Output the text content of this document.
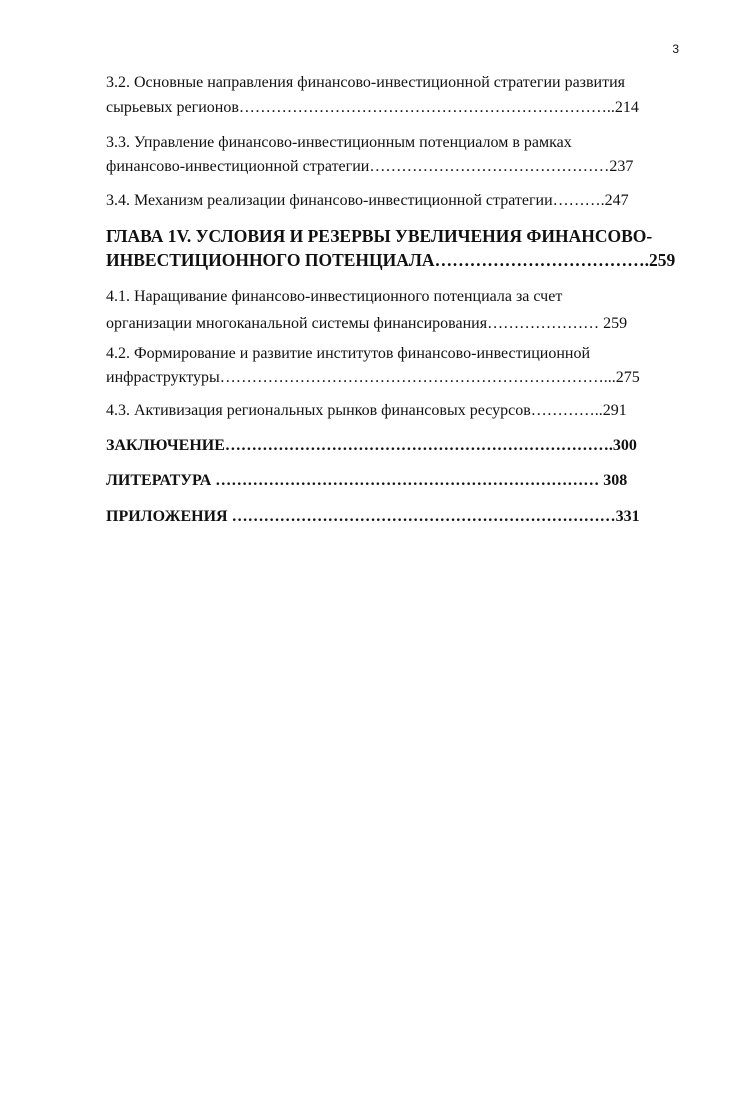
3
3.2. Основные направления финансово-инвестиционной стратегии развития
сырьевых регионов……………………………………………………………..214
3.3. Управление финансово-инвестиционным потенциалом в рамках
финансово-инвестиционной стратегии………………………………………237
3.4. Механизм реализации финансово-инвестиционной стратегии……….247
ГЛАВА 1V. УСЛОВИЯ И РЕЗЕРВЫ УВЕЛИЧЕНИЯ ФИНАНСОВО-
ИНВЕСТИЦИОННОГО ПОТЕНЦИАЛА……………………………….259
4.1. Наращивание финансово-инвестиционного потенциала за счет
организации многоканальной системы финансирования………………… 259
4.2. Формирование и развитие институтов финансово-инвестиционной
инфраструктуры………………………………………………………………...275
4.3. Активизация региональных рынков финансовых ресурсов…………..291
ЗАКЛЮЧЕНИЕ……………………………………………………………….300
ЛИТЕРАТУРА ……………………………………………………………… 308
ПРИЛОЖЕНИЯ ………………………………………………………………331
